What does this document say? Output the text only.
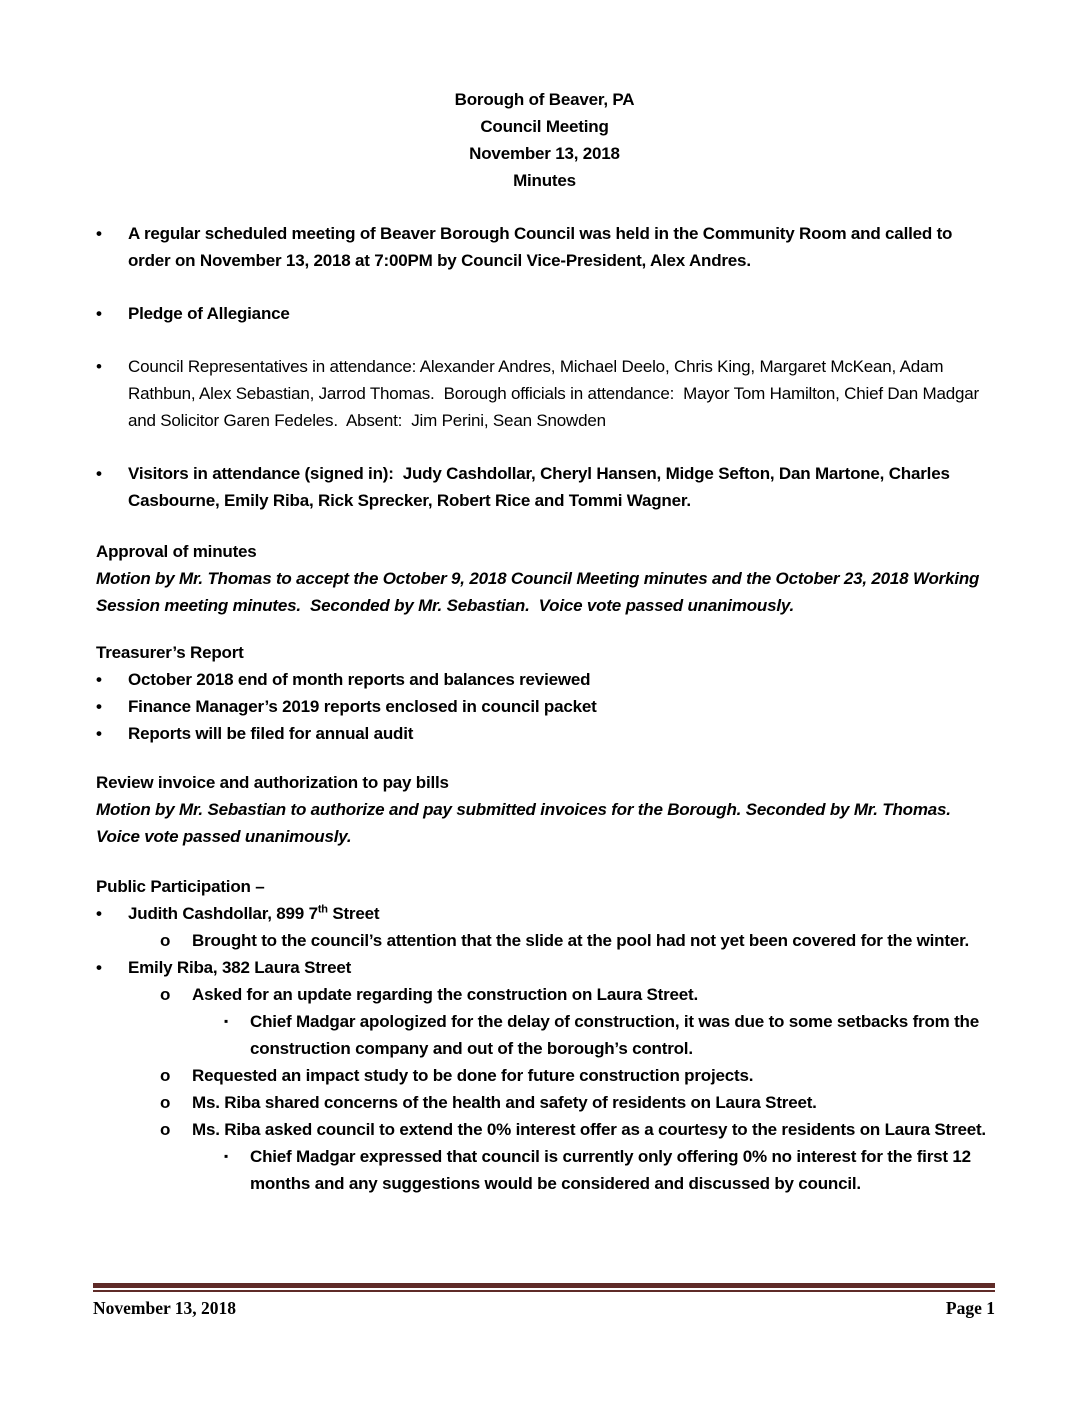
Borough of Beaver, PA
Council Meeting
November 13, 2018
Minutes
•	A regular scheduled meeting of Beaver Borough Council was held in the Community Room and called to order on November 13, 2018 at 7:00PM by Council Vice-President, Alex Andres.
•	Pledge of Allegiance
•	Council Representatives in attendance: Alexander Andres, Michael Deelo, Chris King, Margaret McKean, Adam Rathbun, Alex Sebastian, Jarrod Thomas.  Borough officials in attendance:  Mayor Tom Hamilton, Chief Dan Madgar and Solicitor Garen Fedeles.  Absent:  Jim Perini, Sean Snowden
•	Visitors in attendance (signed in):  Judy Cashdollar, Cheryl Hansen, Midge Sefton, Dan Martone, Charles Casbourne, Emily Riba, Rick Sprecker, Robert Rice and Tommi Wagner.
Approval of minutes
Motion by Mr. Thomas to accept the October 9, 2018 Council Meeting minutes and the October 23, 2018 Working Session meeting minutes.  Seconded by Mr. Sebastian.  Voice vote passed unanimously.
Treasurer’s Report
•	October 2018 end of month reports and balances reviewed
•	Finance Manager’s 2019 reports enclosed in council packet
•	Reports will be filed for annual audit
Review invoice and authorization to pay bills
Motion by Mr. Sebastian to authorize and pay submitted invoices for the Borough. Seconded by Mr. Thomas. Voice vote passed unanimously.
Public Participation –
•	Judith Cashdollar, 899 7th Street
o	Brought to the council’s attention that the slide at the pool had not yet been covered for the winter.
•	Emily Riba, 382 Laura Street
o	Asked for an update regarding the construction on Laura Street.
▪	Chief Madgar apologized for the delay of construction, it was due to some setbacks from the construction company and out of the borough’s control.
o	Requested an impact study to be done for future construction projects.
o	Ms. Riba shared concerns of the health and safety of residents on Laura Street.
o	Ms. Riba asked council to extend the 0% interest offer as a courtesy to the residents on Laura Street.
▪	Chief Madgar expressed that council is currently only offering 0% no interest for the first 12 months and any suggestions would be considered and discussed by council.
November 13, 2018	Page 1
